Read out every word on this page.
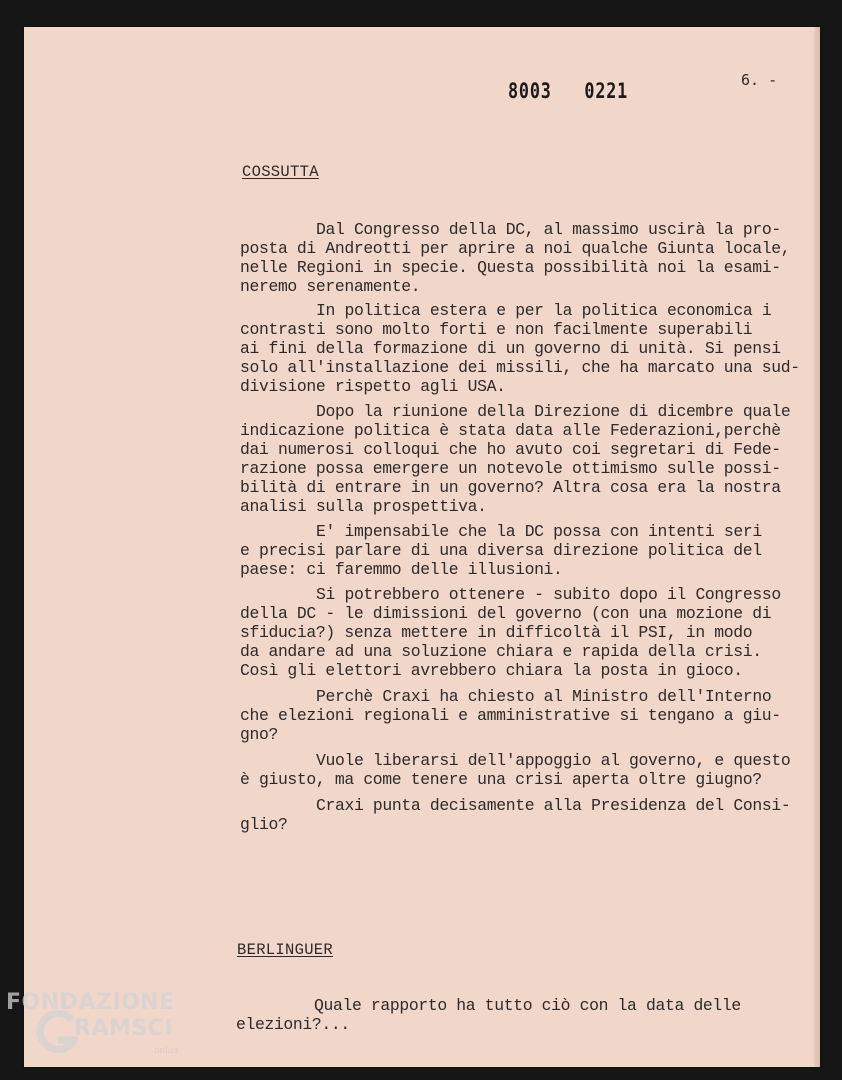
8003   0221	6. -
COSSUTTA
Dal Congresso della DC, al massimo uscirà la pro-
posta di Andreotti per aprire a noi qualche Giunta locale,
nelle Regioni in specie. Questa possibilità noi la esami-
neremo serenamente.
In politica estera e per la politica economica i
contrasti sono molto forti e non facilmente superabili
ai fini della formazione di un governo di unità. Si pensi
solo all'installazione dei missili, che ha marcato una sud-
divisione rispetto agli USA.
Dopo la riunione della Direzione di dicembre quale
indicazione politica è stata data alle Federazioni,perchè
dai numerosi colloqui che ho avuto coi segretari di Fede-
razione possa emergere un notevole ottimismo sulle possi-
bilità di entrare in un governo? Altra cosa era la nostra
analisi sulla prospettiva.
E' impensabile che la DC possa con intenti seri
e precisi parlare di una diversa direzione politica del
paese: ci faremmo delle illusioni.
Si potrebbero ottenere - subito dopo il Congresso
della DC - le dimissioni del governo (con una mozione di
sfiducia?) senza mettere in difficoltà il PSI, in modo
da andare ad una soluzione chiara e rapida della crisi.
Così gli elettori avrebbero chiara la posta in gioco.
Perchè Craxi ha chiesto al Ministro dell'Interno
che elezioni regionali e amministrative si tengano a giu-
gno?
Vuole liberarsi dell'appoggio al governo, e questo
è giusto, ma come tenere una crisi aperta oltre giugno?
Craxi punta decisamente alla Presidenza del Consi-
glio?
BERLINGUER
Quale rapporto ha tutto ciò con la data delle
elezioni?...
FONDAZIONE
RAMSCI
onlus
